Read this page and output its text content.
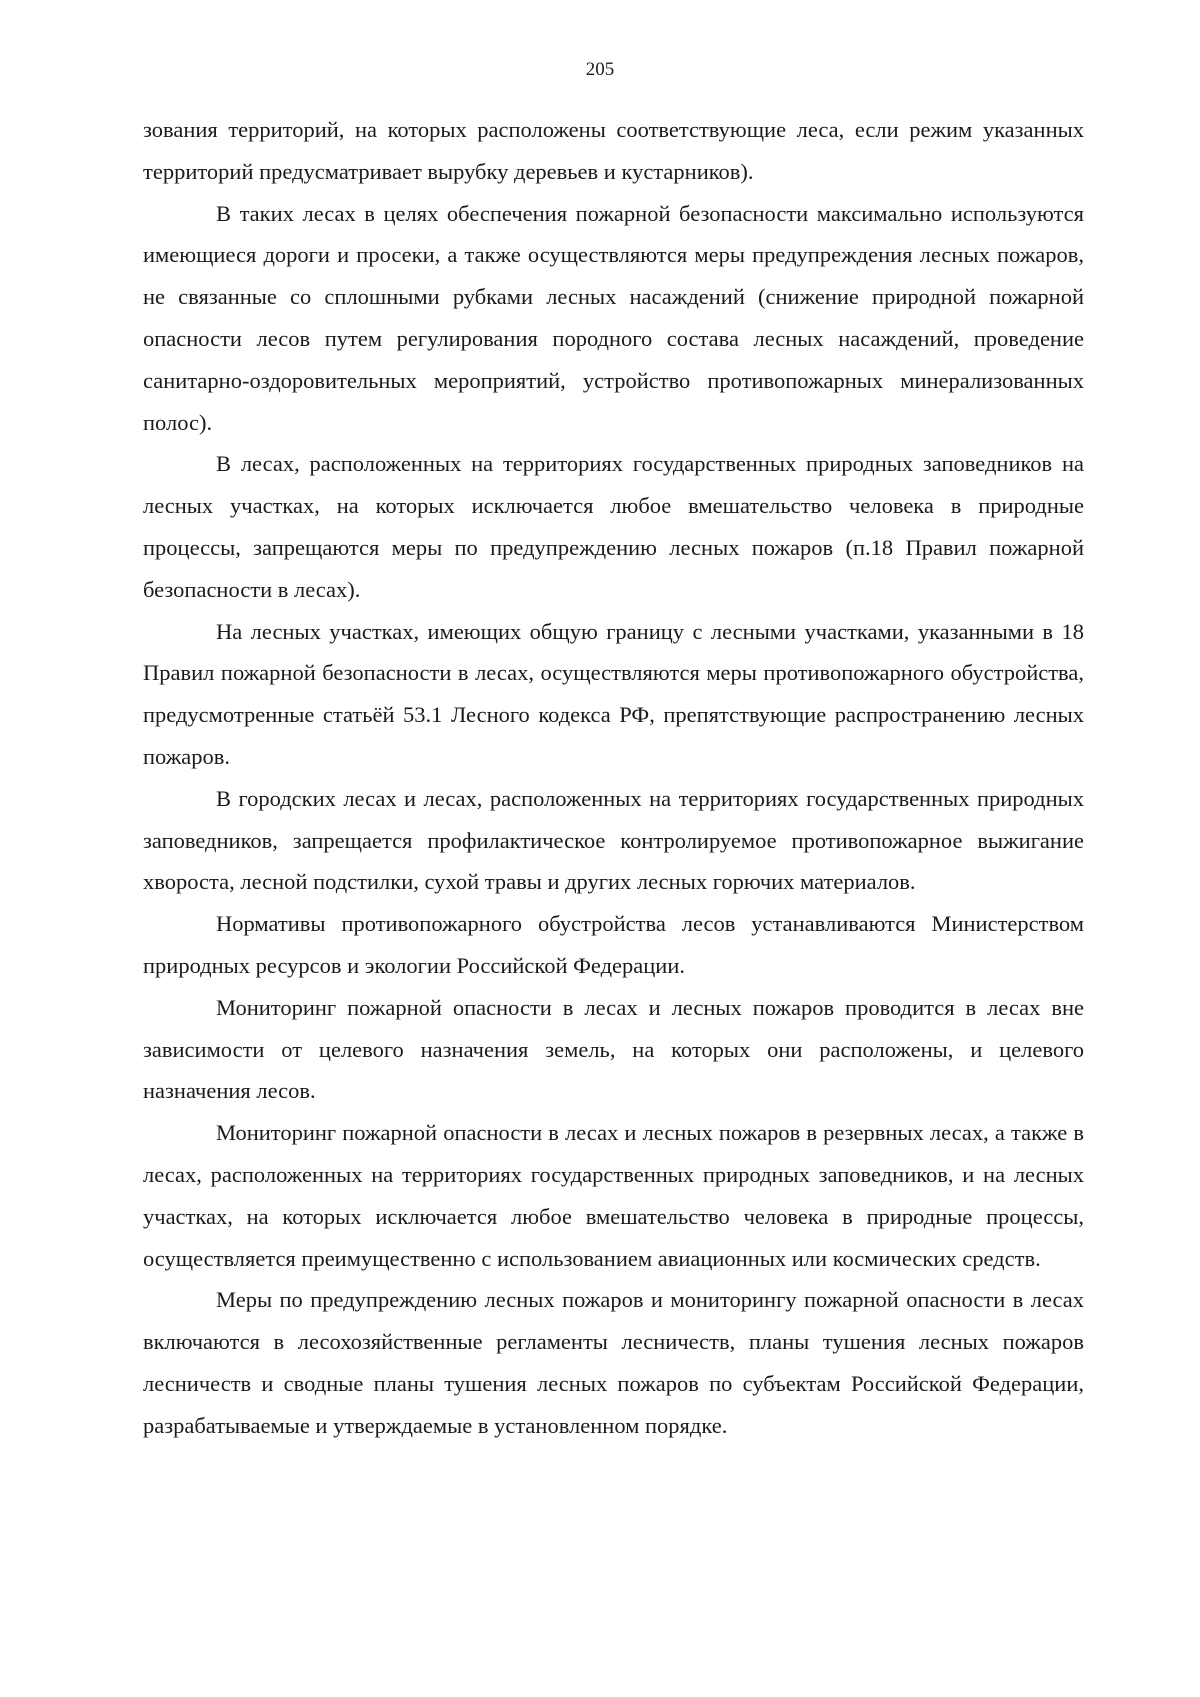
205

зования территорий, на которых расположены соответствующие леса, если режим указанных территорий предусматривает вырубку деревьев и кустарников).

В таких лесах в целях обеспечения пожарной безопасности максимально используются имеющиеся дороги и просеки, а также осуществляются меры предупреждения лесных пожаров, не связанные со сплошными рубками лесных насаждений (снижение природной пожарной опасности лесов путем регулирования породного состава лесных насаждений, проведение санитарно-оздоровительных мероприятий, устройство противопожарных минерализованных полос).

В лесах, расположенных на территориях государственных природных заповедников на лесных участках, на которых исключается любое вмешательство человека в природные процессы, запрещаются меры по предупреждению лесных пожаров (п.18 Правил пожарной безопасности в лесах).

На лесных участках, имеющих общую границу с лесными участками, указанными в 18 Правил пожарной безопасности в лесах, осуществляются меры противопожарного обустройства, предусмотренные статьёй 53.1 Лесного кодекса РФ, препятствующие распространению лесных пожаров.

В городских лесах и лесах, расположенных на территориях государственных природных заповедников, запрещается профилактическое контролируемое противопожарное выжигание хвороста, лесной подстилки, сухой травы и других лесных горючих материалов.

Нормативы противопожарного обустройства лесов устанавливаются Министерством природных ресурсов и экологии Российской Федерации.

Мониторинг пожарной опасности в лесах и лесных пожаров проводится в лесах вне зависимости от целевого назначения земель, на которых они расположены, и целевого назначения лесов.

Мониторинг пожарной опасности в лесах и лесных пожаров в резервных лесах, а также в лесах, расположенных на территориях государственных природных заповедников, и на лесных участках, на которых исключается любое вмешательство человека в природные процессы, осуществляется преимущественно с использованием авиационных или космических средств.

Меры по предупреждению лесных пожаров и мониторингу пожарной опасности в лесах включаются в лесохозяйственные регламенты лесничеств, планы тушения лесных пожаров лесничеств и сводные планы тушения лесных пожаров по субъектам Российской Федерации, разрабатываемые и утверждаемые в установленном порядке.
